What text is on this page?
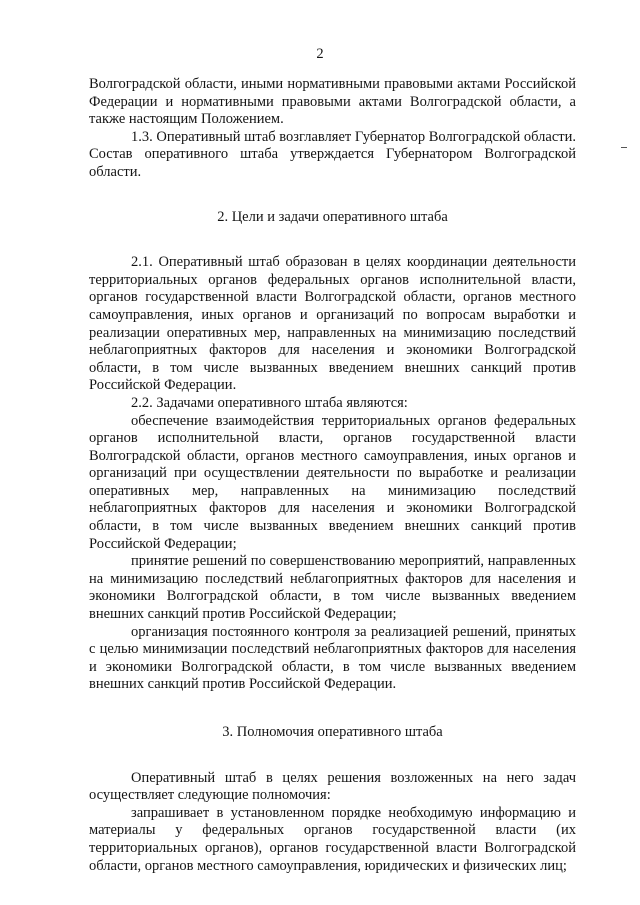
2

Волгоградской области, иными нормативными правовыми актами Российской Федерации и нормативными правовыми актами Волгоградской области, а также настоящим Положением.

1.3. Оперативный штаб возглавляет Губернатор Волгоградской области. Состав оперативного штаба утверждается Губернатором Волгоградской области.

2. Цели и задачи оперативного штаба

2.1. Оперативный штаб образован в целях координации деятельности территориальных органов федеральных органов исполнительной власти, органов государственной власти Волгоградской области, органов местного самоуправления, иных органов и организаций по вопросам выработки и реализации оперативных мер, направленных на минимизацию последствий неблагоприятных факторов для населения и экономики Волгоградской области, в том числе вызванных введением внешних санкций против Российской Федерации.

2.2. Задачами оперативного штаба являются:

обеспечение взаимодействия территориальных органов федеральных органов исполнительной власти, органов государственной власти Волгоградской области, органов местного самоуправления, иных органов и организаций при осуществлении деятельности по выработке и реализации оперативных мер, направленных на минимизацию последствий неблагоприятных факторов для населения и экономики Волгоградской области, в том числе вызванных введением внешних санкций против Российской Федерации;

принятие решений по совершенствованию мероприятий, направленных на минимизацию последствий неблагоприятных факторов для населения и экономики Волгоградской области, в том числе вызванных введением внешних санкций против Российской Федерации;

организация постоянного контроля за реализацией решений, принятых с целью минимизации последствий неблагоприятных факторов для населения и экономики Волгоградской области, в том числе вызванных введением внешних санкций против Российской Федерации.

3. Полномочия оперативного штаба

Оперативный штаб в целях решения возложенных на него задач осуществляет следующие полномочия:

запрашивает в установленном порядке необходимую информацию и материалы у федеральных органов государственной власти (их территориальных органов), органов государственной власти Волгоградской области, органов местного самоуправления, юридических и физических лиц;
